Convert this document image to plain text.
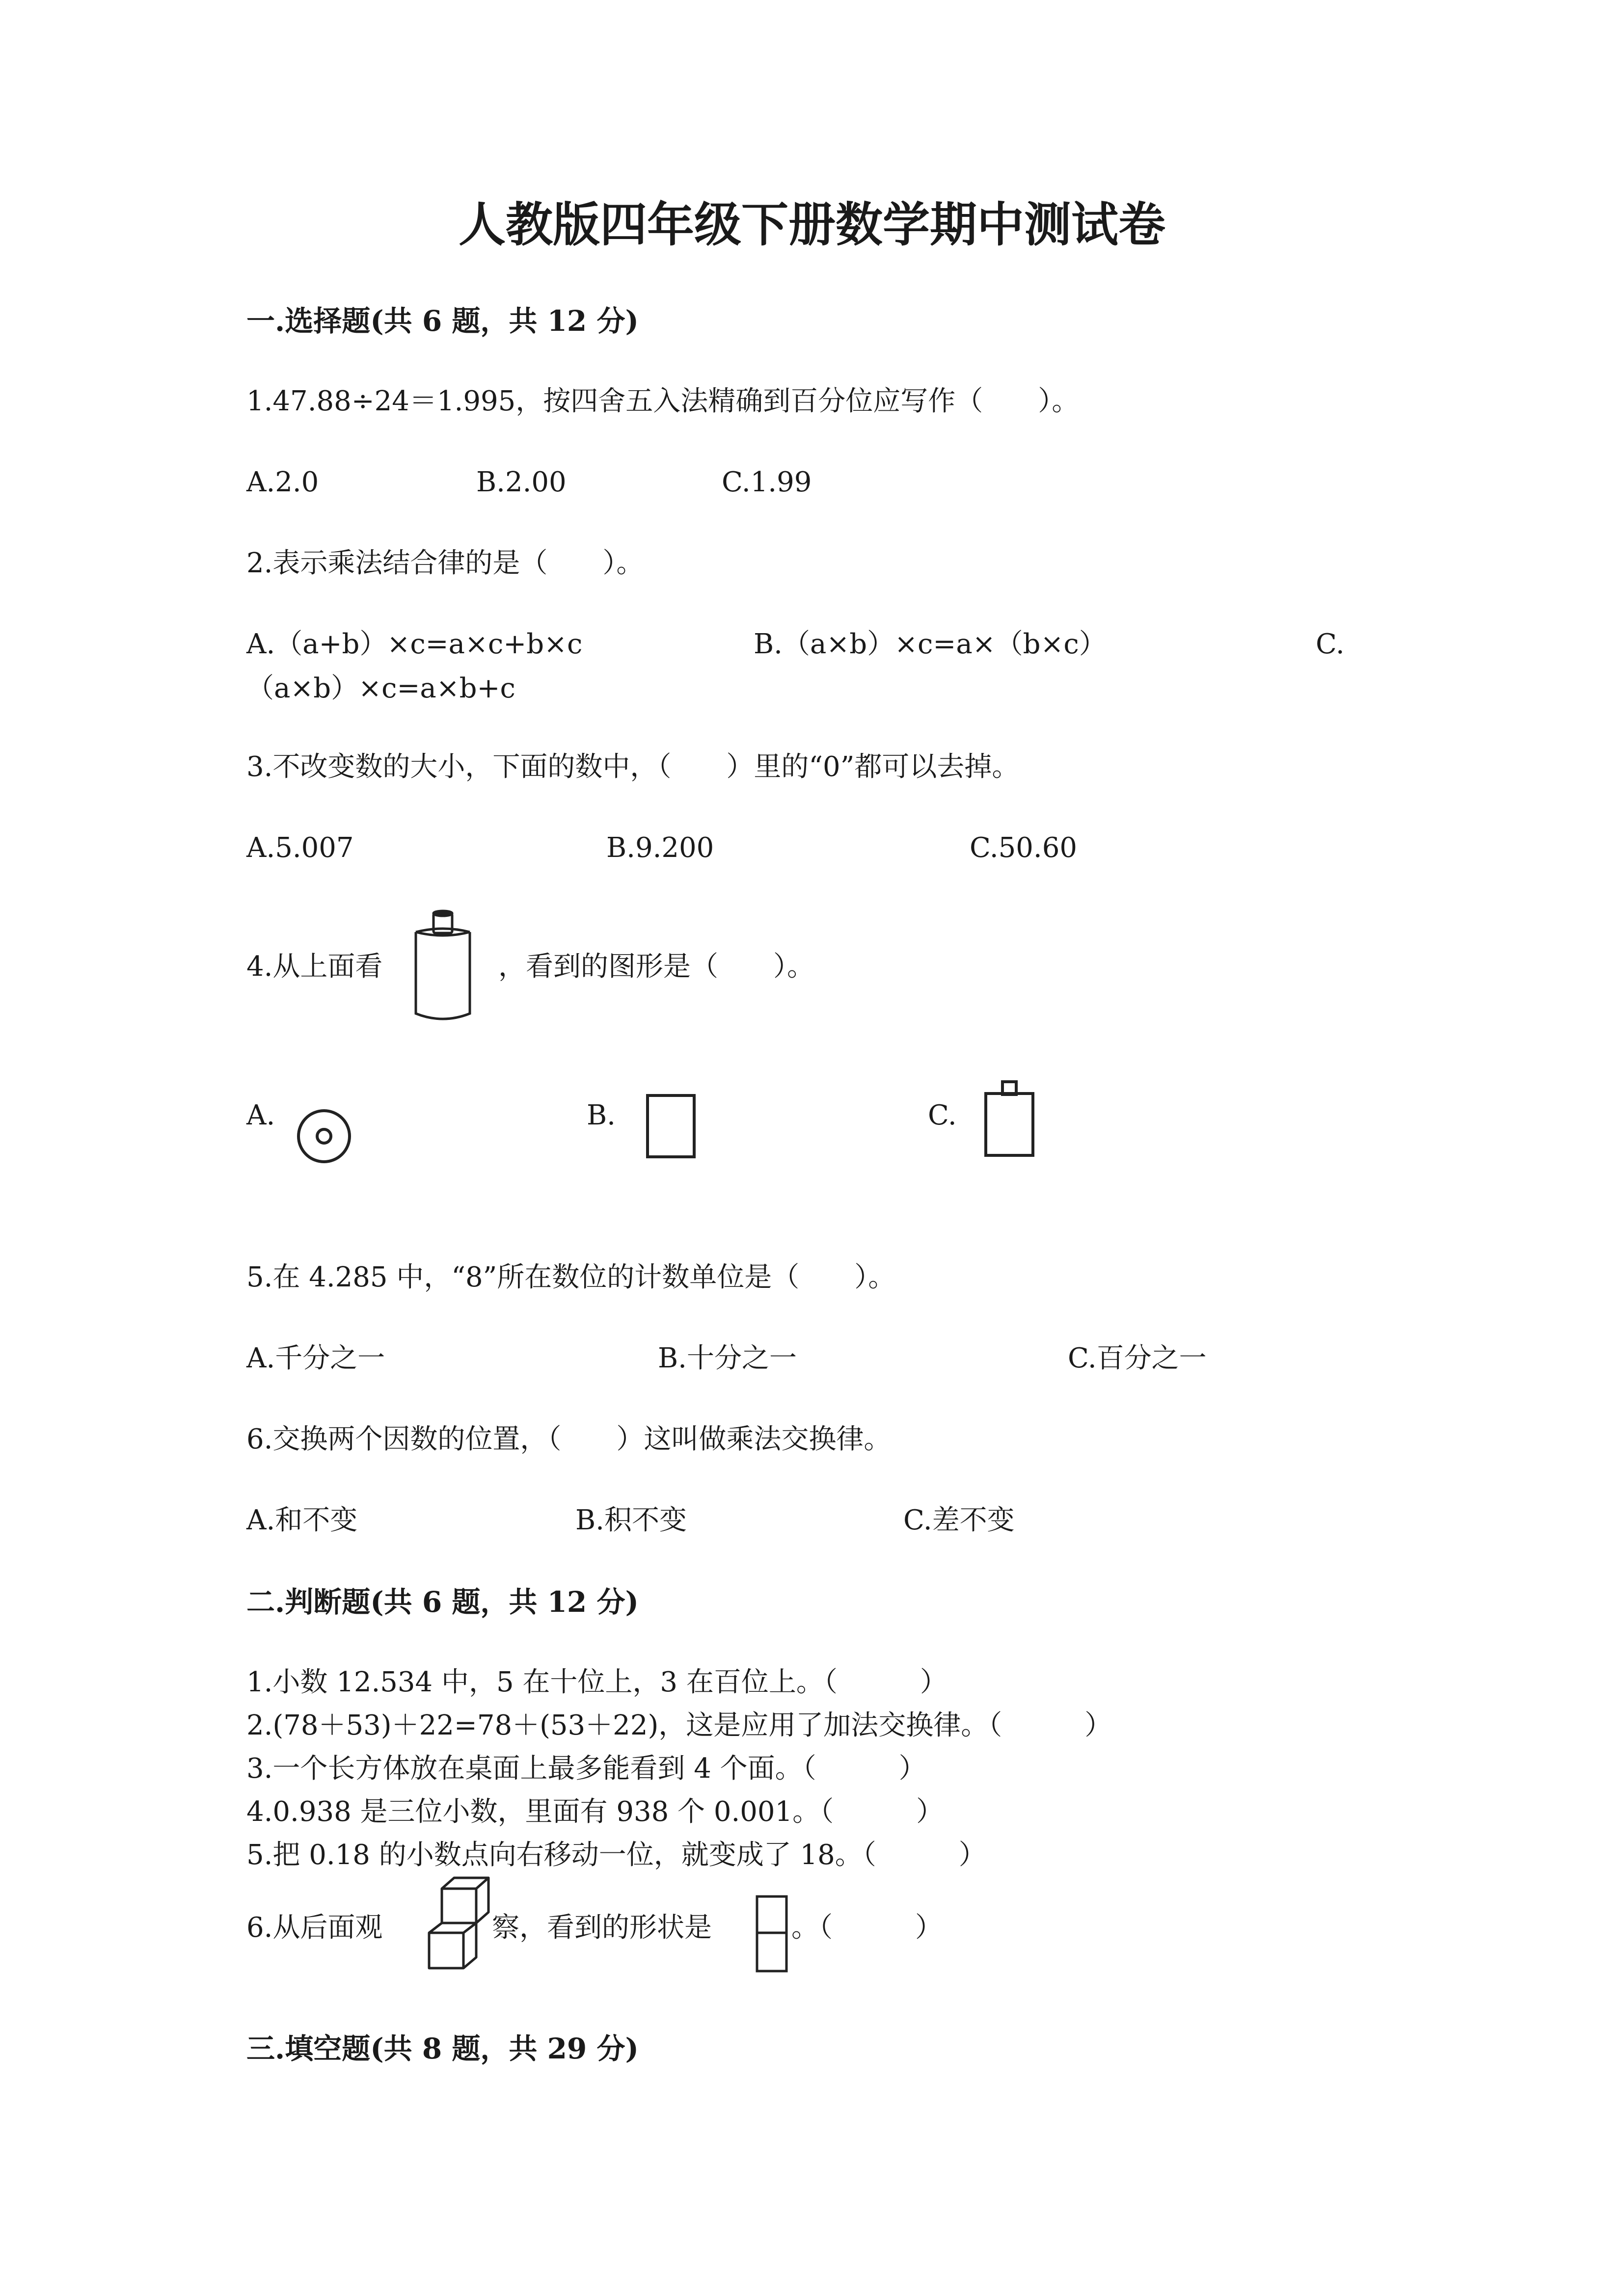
人教版四年级下册数学期中测试卷
一.选择题(共 6 题，共 12 分)
1.47.88÷24＝1.995，按四舍五入法精确到百分位应写作（　　）。
A.2.0	B.2.00	C.1.99
2.表示乘法结合律的是（　　）。
A.（a+b）×c=a×c+b×c	B.（a×b）×c=a×（b×c）	C.
（a×b）×c=a×b+c
3.不改变数的大小，下面的数中，（　　）里的“0”都可以去掉。
A.5.007	B.9.200	C.50.60
4.从上面看	，看到的图形是（　　）。
A.	B.	C.
5.在 4.285 中，“8”所在数位的计数单位是（　　）。
A.千分之一	B.十分之一	C.百分之一
6.交换两个因数的位置，（　　）这叫做乘法交换律。
A.和不变	B.积不变	C.差不变
二.判断题(共 6 题，共 12 分)
1.小数 12.534 中，5 在十位上，3 在百位上。（　　　）
2.(78＋53)＋22=78＋(53＋22)，这是应用了加法交换律。（　　　）
3.一个长方体放在桌面上最多能看到 4 个面。（　　　）
4.0.938 是三位小数，里面有 938 个 0.001。（　　　）
5.把 0.18 的小数点向右移动一位，就变成了 18。（　　　）
6.从后面观	察，看到的形状是	。（　　　）
三.填空题(共 8 题，共 29 分)
